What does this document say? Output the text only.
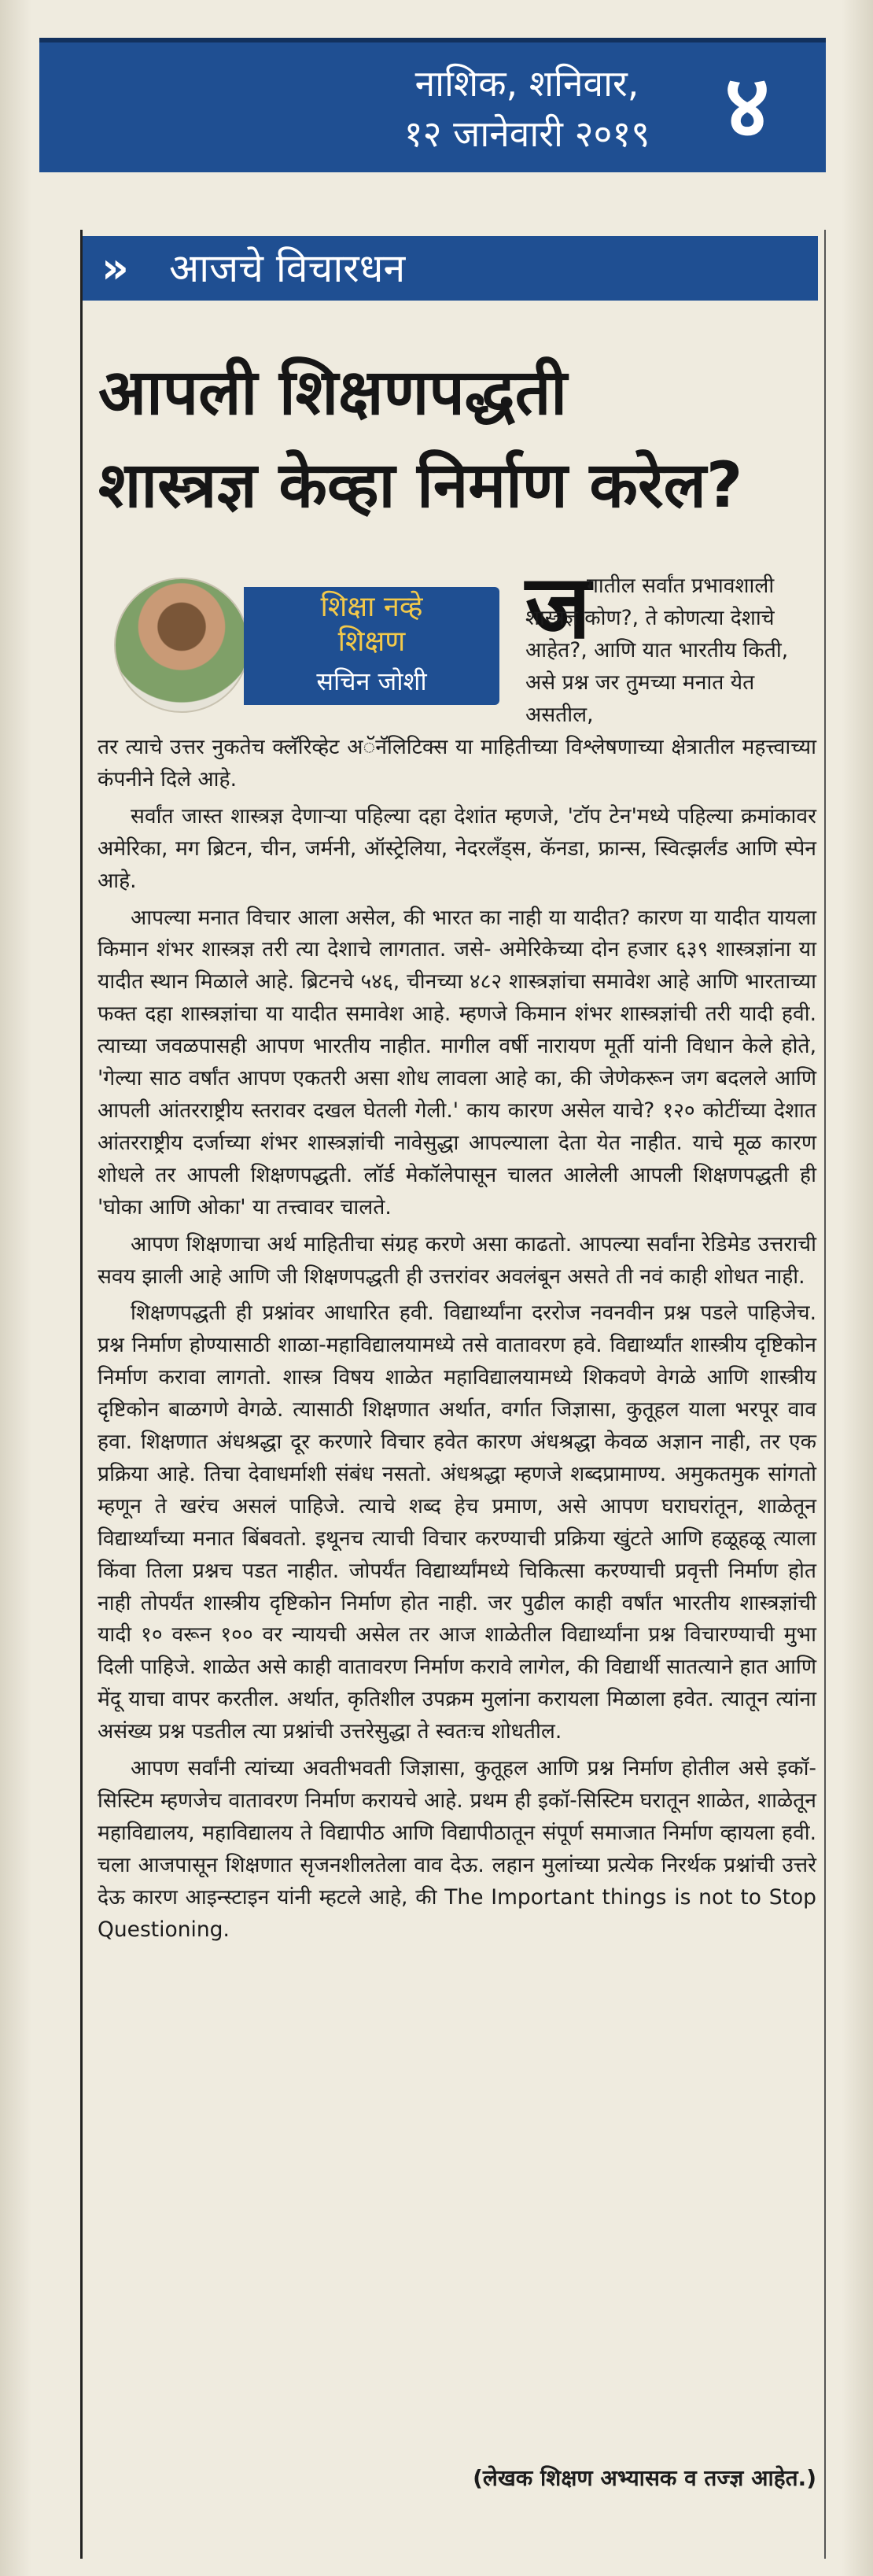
नाशिक, शनिवार,
१२ जानेवारी २०१९ ४
» आजचे विचारधन
आपली शिक्षणपद्धती
शास्त्रज्ञ केव्हा निर्माण करेल?
शिक्षा नव्हे
शिक्षण
सचिन जोशी
ज
गातील सर्वांत प्रभावशाली शास्त्रज्ञ कोण?, ते कोणत्या देशाचे आहेत?, आणि यात भारतीय किती, असे प्रश्न जर तुमच्या मनात येत असतील,

तर त्याचे उत्तर नुकतेच क्लॅरिव्हेट अॅनॅलिटिक्स या माहितीच्या विश्लेषणाच्या क्षेत्रातील महत्त्वाच्या कंपनीने दिले आहे.

सर्वांत जास्त शास्त्रज्ञ देणाऱ्या पहिल्या दहा देशांत म्हणजे, 'टॉप टेन'मध्ये पहिल्या क्रमांकावर अमेरिका, मग ब्रिटन, चीन, जर्मनी, ऑस्ट्रेलिया, नेदरलँड्स, कॅनडा, फ्रान्स, स्वित्झर्लंड आणि स्पेन आहे.

आपल्या मनात विचार आला असेल, की भारत का नाही या यादीत? कारण या यादीत यायला किमान शंभर शास्त्रज्ञ तरी त्या देशाचे लागतात. जसे- अमेरिकेच्या दोन हजार ६३९ शास्त्रज्ञांना या यादीत स्थान मिळाले आहे. ब्रिटनचे ५४६, चीनच्या ४८२ शास्त्रज्ञांचा समावेश आहे आणि भारताच्या फक्त दहा शास्त्रज्ञांचा या यादीत समावेश आहे. म्हणजे किमान शंभर शास्त्रज्ञांची तरी यादी हवी. त्याच्या जवळपासही आपण भारतीय नाहीत. मागील वर्षी नारायण मूर्ती यांनी विधान केले होते, 'गेल्या साठ वर्षांत आपण एकतरी असा शोध लावला आहे का, की जेणेकरून जग बदलले आणि आपली आंतरराष्ट्रीय स्तरावर दखल घेतली गेली.' काय कारण असेल याचे? १२० कोटींच्या देशात आंतरराष्ट्रीय दर्जाच्या शंभर शास्त्रज्ञांची नावेसुद्धा आपल्याला देता येत नाहीत. याचे मूळ कारण शोधले तर आपली शिक्षणपद्धती. लॉर्ड मेकॉलेपासून चालत आलेली आपली शिक्षणपद्धती ही 'घोका आणि ओका' या तत्त्वावर चालते.

आपण शिक्षणाचा अर्थ माहितीचा संग्रह करणे असा काढतो. आपल्या सर्वांना रेडिमेड उत्तराची सवय झाली आहे आणि जी शिक्षणपद्धती ही उत्तरांवर अवलंबून असते ती नवं काही शोधत नाही.

शिक्षणपद्धती ही प्रश्नांवर आधारित हवी. विद्यार्थ्यांना दररोज नवनवीन प्रश्न पडले पाहिजेच. प्रश्न निर्माण होण्यासाठी शाळा-महाविद्यालयामध्ये तसे वातावरण हवे. विद्यार्थ्यांत शास्त्रीय दृष्टिकोन निर्माण करावा लागतो. शास्त्र विषय शाळेत महाविद्यालयामध्ये शिकवणे वेगळे आणि शास्त्रीय दृष्टिकोन बाळगणे वेगळे. त्यासाठी शिक्षणात अर्थात, वर्गात जिज्ञासा, कुतूहल याला भरपूर वाव हवा. शिक्षणात अंधश्रद्धा दूर करणारे विचार हवेत कारण अंधश्रद्धा केवळ अज्ञान नाही, तर एक प्रक्रिया आहे. तिचा देवाधर्माशी संबंध नसतो. अंधश्रद्धा म्हणजे शब्दप्रामाण्य. अमुकतमुक सांगतो म्हणून ते खरंच असलं पाहिजे. त्याचे शब्द हेच प्रमाण, असे आपण घराघरांतून, शाळेतून विद्यार्थ्यांच्या मनात बिंबवतो. इथूनच त्याची विचार करण्याची प्रक्रिया खुंटते आणि हळूहळू त्याला किंवा तिला प्रश्नच पडत नाहीत. जोपर्यंत विद्यार्थ्यांमध्ये चिकित्सा करण्याची प्रवृत्ती निर्माण होत नाही तोपर्यंत शास्त्रीय दृष्टिकोन निर्माण होत नाही. जर पुढील काही वर्षांत भारतीय शास्त्रज्ञांची यादी १० वरून १०० वर न्यायची असेल तर आज शाळेतील विद्यार्थ्यांना प्रश्न विचारण्याची मुभा दिली पाहिजे. शाळेत असे काही वातावरण निर्माण करावे लागेल, की विद्यार्थी सातत्याने हात आणि मेंदू याचा वापर करतील. अर्थात, कृतिशील उपक्रम मुलांना करायला मिळाला हवेत. त्यातून त्यांना असंख्य प्रश्न पडतील त्या प्रश्नांची उत्तरेसुद्धा ते स्वतःच शोधतील.

आपण सर्वांनी त्यांच्या अवतीभवती जिज्ञासा, कुतूहल आणि प्रश्न निर्माण होतील असे इकॉ-सिस्टिम म्हणजेच वातावरण निर्माण करायचे आहे. प्रथम ही इकॉ-सिस्टिम घरातून शाळेत, शाळेतून महाविद्यालय, महाविद्यालय ते विद्यापीठ आणि विद्यापीठातून संपूर्ण समाजात निर्माण व्हायला हवी. चला आजपासून शिक्षणात सृजनशीलतेला वाव देऊ. लहान मुलांच्या प्रत्येक निरर्थक प्रश्नांची उत्तरे देऊ कारण आइन्स्टाइन यांनी म्हटले आहे, की The Important things is not to Stop Questioning.

(लेखक शिक्षण अभ्यासक व तज्ज्ञ आहेत.)
